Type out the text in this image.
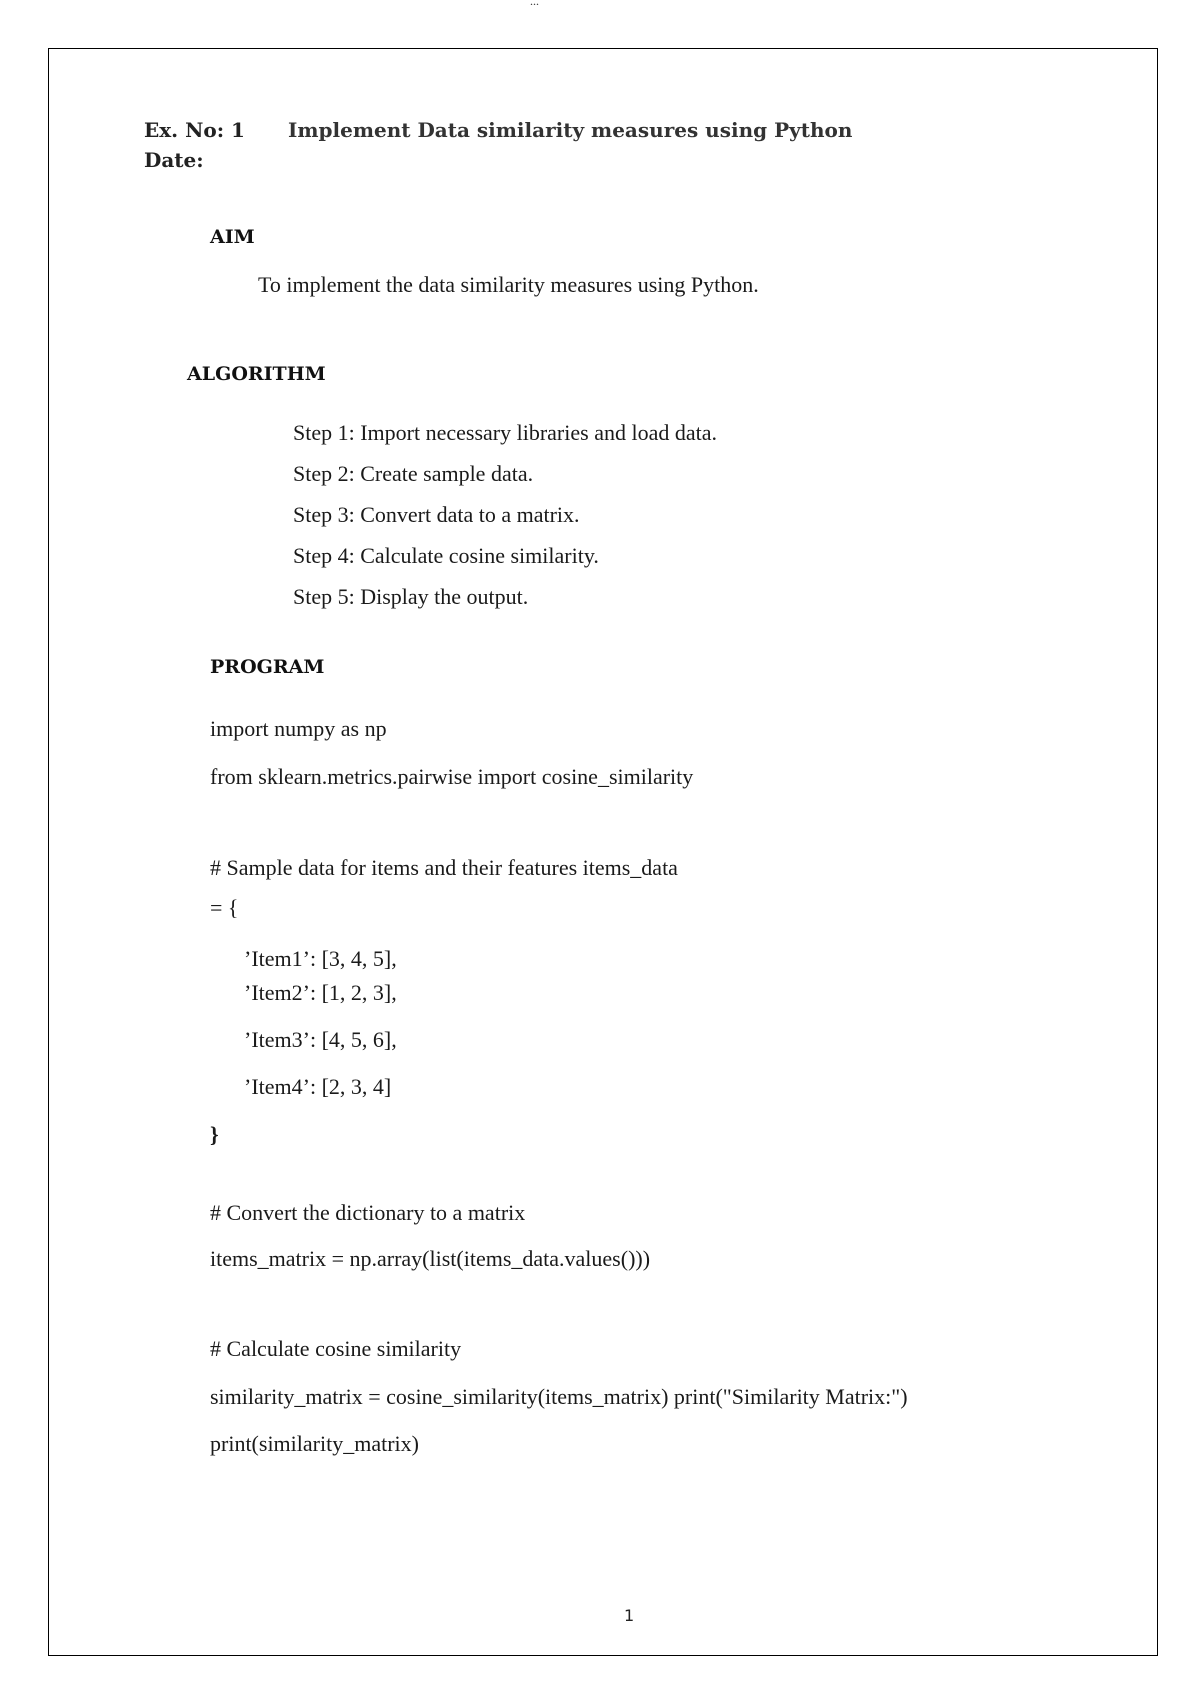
...
Ex. No: 1 Implement Data similarity measures using Python
Date:
AIM
To implement the data similarity measures using Python.
ALGORITHM
Step 1: Import necessary libraries and load data.
Step 2: Create sample data.
Step 3: Convert data to a matrix.
Step 4: Calculate cosine similarity.
Step 5: Display the output.
PROGRAM
import numpy as np
from sklearn.metrics.pairwise import cosine_similarity
# Sample data for items and their features items_data
= {
’Item1’: [3, 4, 5],
’Item2’: [1, 2, 3],
’Item3’: [4, 5, 6],
’Item4’: [2, 3, 4]
}
# Convert the dictionary to a matrix
items_matrix = np.array(list(items_data.values()))
# Calculate cosine similarity
similarity_matrix = cosine_similarity(items_matrix) print("Similarity Matrix:")
print(similarity_matrix)
1
